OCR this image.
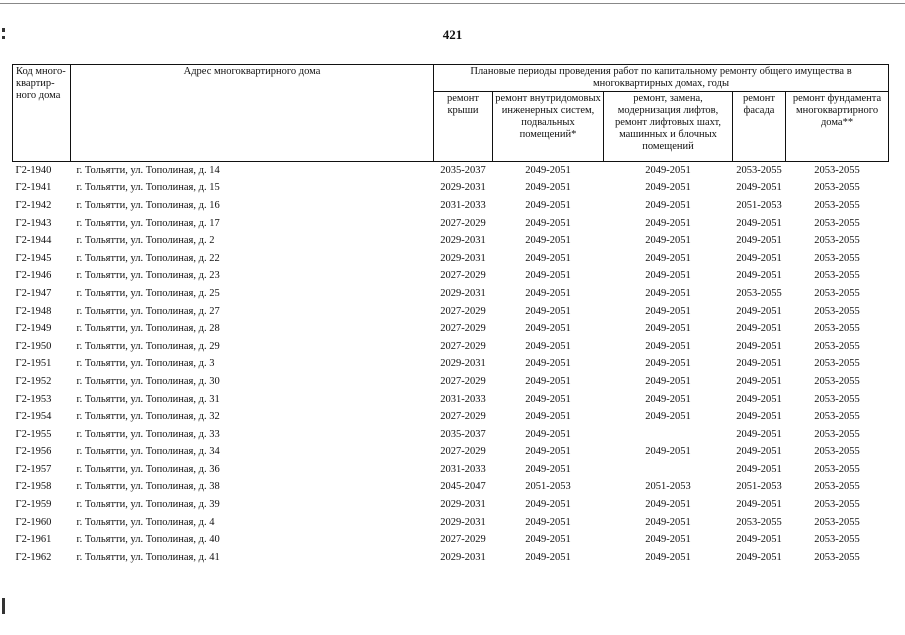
421
Код много-квартир-ного дома	Адрес многоквартирного дома	Плановые периоды проведения работ по капитальному ремонту общего имущества в многоквартирных домах, годы				
		ремонт крыши	ремонт внутридомовых инженерных систем, подвальных помещений*	ремонт, замена, модернизация лифтов, ремонт лифтовых шахт, машинных и блочных помещений	ремонт фасада	ремонт фундамента многоквартирного дома**
Г2-1940	г. Тольятти, ул. Тополиная, д. 14	2035-2037	2049-2051	2049-2051	2053-2055	2053-2055
Г2-1941	г. Тольятти, ул. Тополиная, д. 15	2029-2031	2049-2051	2049-2051	2049-2051	2053-2055
Г2-1942	г. Тольятти, ул. Тополиная, д. 16	2031-2033	2049-2051	2049-2051	2051-2053	2053-2055
Г2-1943	г. Тольятти, ул. Тополиная, д. 17	2027-2029	2049-2051	2049-2051	2049-2051	2053-2055
Г2-1944	г. Тольятти, ул. Тополиная, д. 2	2029-2031	2049-2051	2049-2051	2049-2051	2053-2055
Г2-1945	г. Тольятти, ул. Тополиная, д. 22	2029-2031	2049-2051	2049-2051	2049-2051	2053-2055
Г2-1946	г. Тольятти, ул. Тополиная, д. 23	2027-2029	2049-2051	2049-2051	2049-2051	2053-2055
Г2-1947	г. Тольятти, ул. Тополиная, д. 25	2029-2031	2049-2051	2049-2051	2053-2055	2053-2055
Г2-1948	г. Тольятти, ул. Тополиная, д. 27	2027-2029	2049-2051	2049-2051	2049-2051	2053-2055
Г2-1949	г. Тольятти, ул. Тополиная, д. 28	2027-2029	2049-2051	2049-2051	2049-2051	2053-2055
Г2-1950	г. Тольятти, ул. Тополиная, д. 29	2027-2029	2049-2051	2049-2051	2049-2051	2053-2055
Г2-1951	г. Тольятти, ул. Тополиная, д. 3	2029-2031	2049-2051	2049-2051	2049-2051	2053-2055
Г2-1952	г. Тольятти, ул. Тополиная, д. 30	2027-2029	2049-2051	2049-2051	2049-2051	2053-2055
Г2-1953	г. Тольятти, ул. Тополиная, д. 31	2031-2033	2049-2051	2049-2051	2049-2051	2053-2055
Г2-1954	г. Тольятти, ул. Тополиная, д. 32	2027-2029	2049-2051	2049-2051	2049-2051	2053-2055
Г2-1955	г. Тольятти, ул. Тополиная, д. 33	2035-2037	2049-2051		2049-2051	2053-2055
Г2-1956	г. Тольятти, ул. Тополиная, д. 34	2027-2029	2049-2051	2049-2051	2049-2051	2053-2055
Г2-1957	г. Тольятти, ул. Тополиная, д. 36	2031-2033	2049-2051		2049-2051	2053-2055
Г2-1958	г. Тольятти, ул. Тополиная, д. 38	2045-2047	2051-2053	2051-2053	2051-2053	2053-2055
Г2-1959	г. Тольятти, ул. Тополиная, д. 39	2029-2031	2049-2051	2049-2051	2049-2051	2053-2055
Г2-1960	г. Тольятти, ул. Тополиная, д. 4	2029-2031	2049-2051	2049-2051	2053-2055	2053-2055
Г2-1961	г. Тольятти, ул. Тополиная, д. 40	2027-2029	2049-2051	2049-2051	2049-2051	2053-2055
Г2-1962	г. Тольятти, ул. Тополиная, д. 41	2029-2031	2049-2051	2049-2051	2049-2051	2053-2055
